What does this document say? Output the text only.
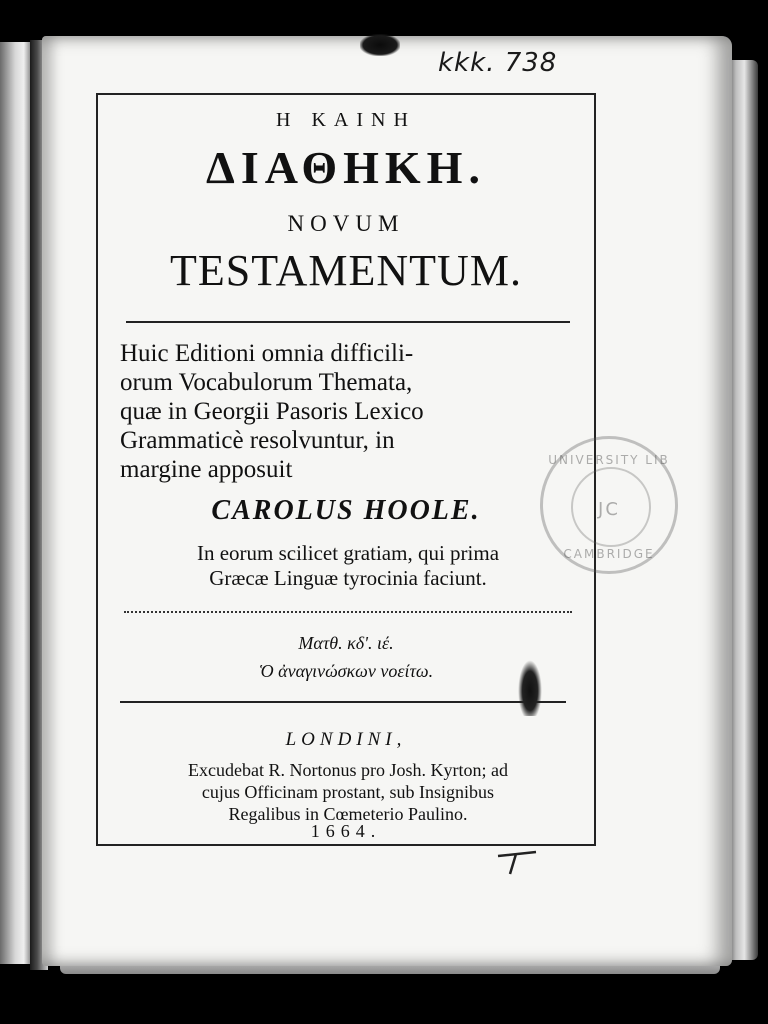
kkk. 738
Η ΚΑΙΝΗ
ΔΙΑΘΗΚΗ.
NOVUM
TESTAMENTUM.
Huic Editioni omnia difficili-
orum Vocabulorum Themata,
quæ in Georgii Pasoris Lexico
Grammaticè resolvuntur, in
margine apposuit
CAROLUS HOOLE.
In eorum scilicet gratiam, qui prima
Græcæ Linguæ tyrocinia faciunt.
Ματθ. κδ'. ιέ.
Ὁ ἀναγινώσκων νοείτω.
LONDINI,
Excudebat R. Nortonus pro Josh. Kyrton; ad
cujus Officinam prostant, sub Insignibus
Regalibus in Cœmeterio Paulino.
1664.
UNIVERSITY LIB
JC
CAMBRIDGE
